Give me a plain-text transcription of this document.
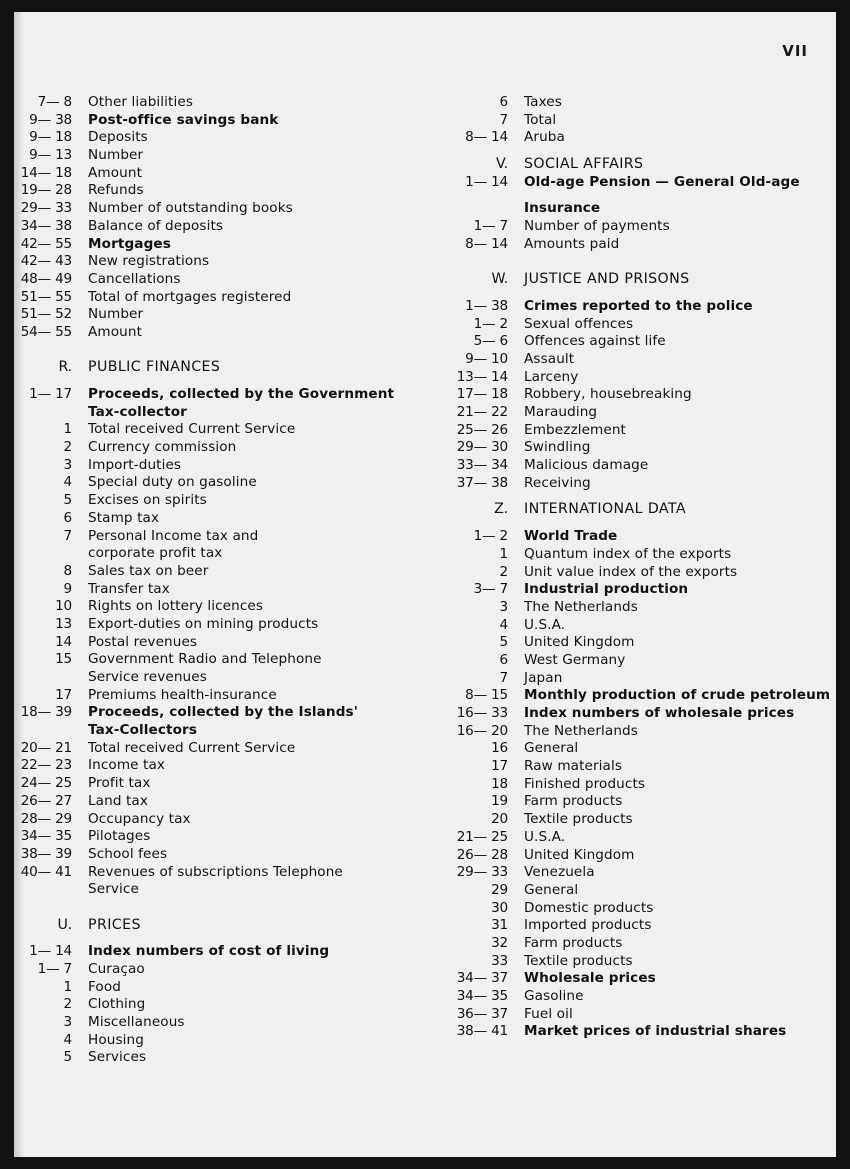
VII
7— 8	Other liabilities
9— 38	Post-office savings bank
9— 18	Deposits
9— 13	Number
14— 18	Amount
19— 28	Refunds
29— 33	Number of outstanding books
34— 38	Balance of deposits
42— 55	Mortgages
42— 43	New registrations
48— 49	Cancellations
51— 55	Total of mortgages registered
51— 52	Number
54— 55	Amount
R.	PUBLIC FINANCES
1— 17	Proceeds, collected by the Government
Tax-collector
1	Total received Current Service
2	Currency commission
3	Import-duties
4	Special duty on gasoline
5	Excises on spirits
6	Stamp tax
7	Personal Income tax and
corporate profit tax
8	Sales tax on beer
9	Transfer tax
10	Rights on lottery licences
13	Export-duties on mining products
14	Postal revenues
15	Government Radio and Telephone
Service revenues
17	Premiums health-insurance
18— 39	Proceeds, collected by the Islands'
Tax-Collectors
20— 21	Total received Current Service
22— 23	Income tax
24— 25	Profit tax
26— 27	Land tax
28— 29	Occupancy tax
34— 35	Pilotages
38— 39	School fees
40— 41	Revenues of subscriptions Telephone
Service
U.	PRICES
1— 14	Index numbers of cost of living
1— 7	Curaçao
1	Food
2	Clothing
3	Miscellaneous
4	Housing
5	Services
6	Taxes
7	Total
8— 14	Aruba
V.	SOCIAL AFFAIRS
1— 14	Old-age Pension — General Old-age
Insurance
1— 7	Number of payments
8— 14	Amounts paid
W.	JUSTICE AND PRISONS
1— 38	Crimes reported to the police
1— 2	Sexual offences
5— 6	Offences against life
9— 10	Assault
13— 14	Larceny
17— 18	Robbery, housebreaking
21— 22	Marauding
25— 26	Embezzlement
29— 30	Swindling
33— 34	Malicious damage
37— 38	Receiving
Z.	INTERNATIONAL DATA
1— 2	World Trade
1	Quantum index of the exports
2	Unit value index of the exports
3— 7	Industrial production
3	The Netherlands
4	U.S.A.
5	United Kingdom
6	West Germany
7	Japan
8— 15	Monthly production of crude petroleum
16— 33	Index numbers of wholesale prices
16— 20	The Netherlands
16	General
17	Raw materials
18	Finished products
19	Farm products
20	Textile products
21— 25	U.S.A.
26— 28	United Kingdom
29— 33	Venezuela
29	General
30	Domestic products
31	Imported products
32	Farm products
33	Textile products
34— 37	Wholesale prices
34— 35	Gasoline
36— 37	Fuel oil
38— 41	Market prices of industrial shares
